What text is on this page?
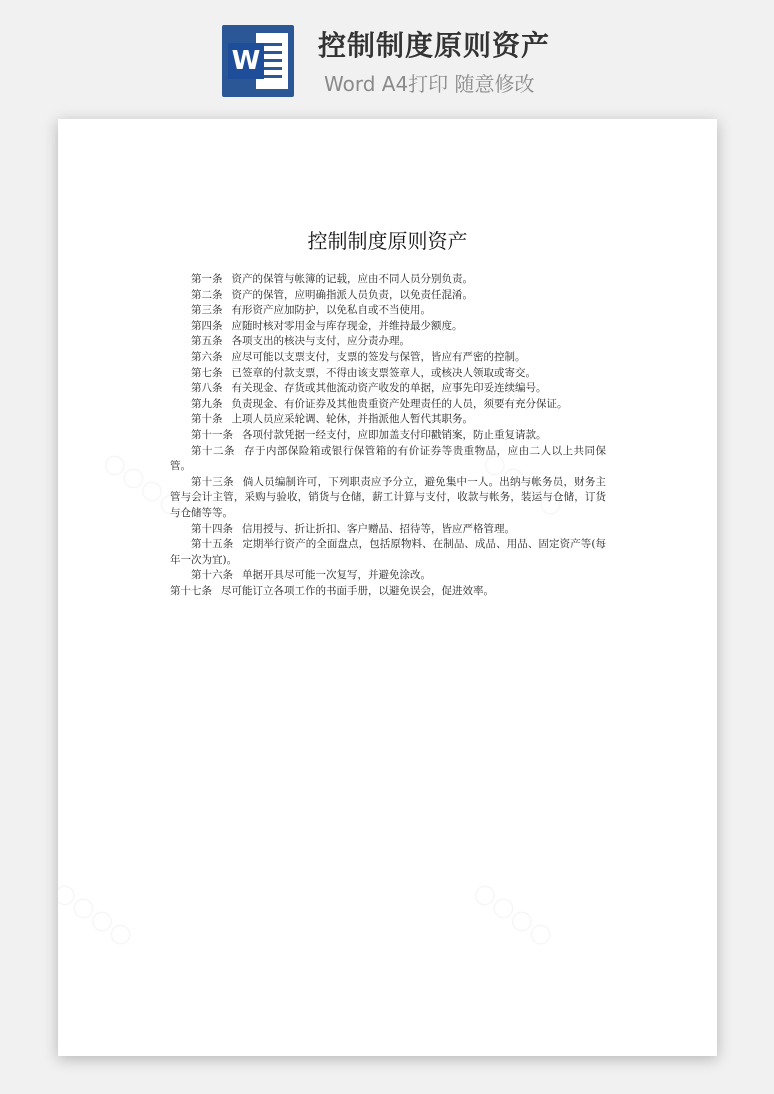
W 控制制度原则资产
Word A4打印 随意修改
控制制度原则资产

第一条 资产的保管与帐簿的记载，应由不同人员分别负责。

第二条 资产的保管，应明确指派人员负责，以免责任混淆。

第三条 有形资产应加防护，以免私自或不当使用。

第四条 应随时核对零用金与库存现金，并维持最少额度。

第五条 各项支出的核决与支付，应分责办理。

第六条 应尽可能以支票支付，支票的签发与保管，皆应有严密的控制。

第七条 已签章的付款支票，不得由该支票签章人，或核决人领取或寄交。

第八条 有关现金、存货或其他流动资产收发的单据，应事先印妥连续编号。

第九条 负责现金、有价证券及其他贵重资产处理责任的人员，须要有充分保证。

第十条 上项人员应采轮调、轮休，并指派他人暂代其职务。

第十一条 各项付款凭据一经支付，应即加盖支付印戳销案，防止重复请款。

第十二条 存于内部保险箱或银行保管箱的有价证券等贵重物品，应由二人以上共同保管。

第十三条 倘人员编制许可，下列职责应予分立，避免集中一人。出纳与帐务员，财务主管与会计主管，采购与验收，销货与仓储，薪工计算与支付，收款与帐务，装运与仓储，订货与仓储等等。

第十四条 信用授与、折让折扣、客户赠品、招待等，皆应严格管理。

第十五条 定期举行资产的全面盘点，包括原物料、在制品、成品、用品、固定资产等(每年一次为宜)。

第十六条 单据开具尽可能一次复写，并避免涂改。

第十七条 尽可能订立各项工作的书面手册，以避免误会，促进效率。
